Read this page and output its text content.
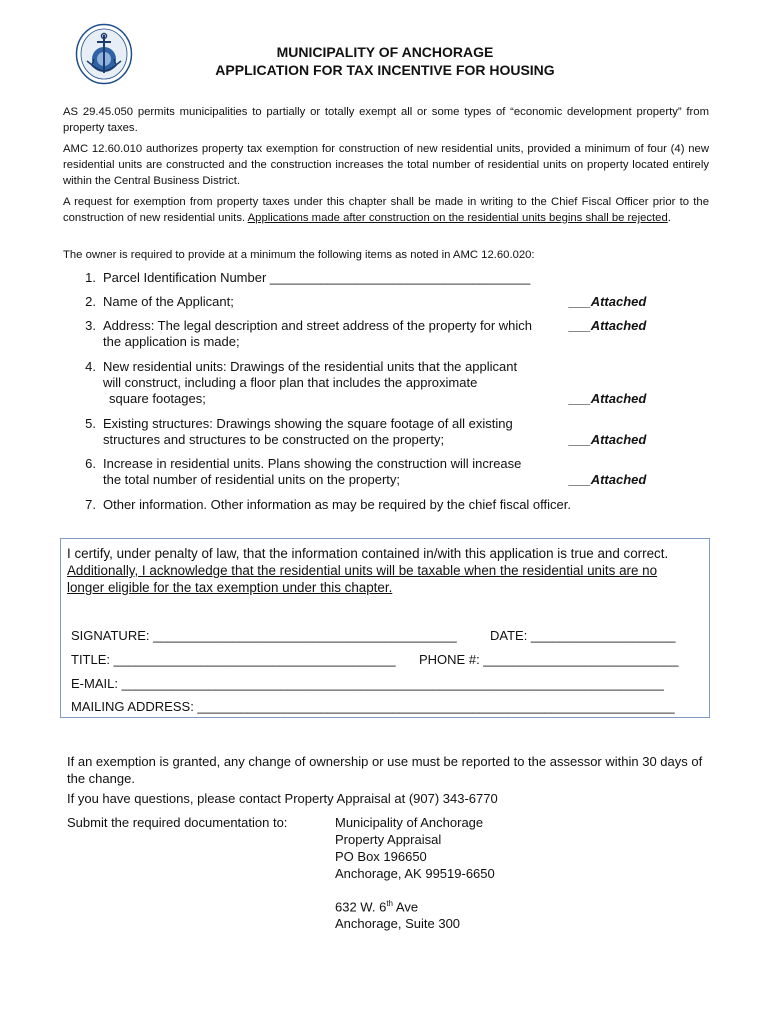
MUNICIPALITY OF ANCHORAGE
APPLICATION FOR TAX INCENTIVE FOR HOUSING
AS 29.45.050 permits municipalities to partially or totally exempt all or some types of “economic development property” from property taxes.
AMC 12.60.010 authorizes property tax exemption for construction of new residential units, provided a minimum of four (4) new residential units are constructed and the construction increases the total number of residential units on property located entirely within the Central Business District.
A request for exemption from property taxes under this chapter shall be made in writing to the Chief Fiscal Officer prior to the construction of new residential units. Applications made after construction on the residential units begins shall be rejected.
The owner is required to provide at a minimum the following items as noted in AMC 12.60.020:
1. Parcel Identification Number ____________________________________
2. Name of the Applicant;	___Attached
3. Address: The legal description and street address of the property for which
the application is made;
___Attached
4. New residential units: Drawings of the residential units that the applicant
will construct, including a floor plan that includes the approximate
square footages;	___Attached
5. Existing structures: Drawings showing the square footage of all existing
structures and structures to be constructed on the property;	___Attached
6. Increase in residential units. Plans showing the construction will increase
the total number of residential units on the property;	___Attached
7. Other information. Other information as may be required by the chief fiscal officer.
I certify, under penalty of law, that the information contained in/with this application is true and correct.
Additionally, I acknowledge that the residential units will be taxable when the residential units are no
longer eligible for the tax exemption under this chapter.
SIGNATURE: __________________________________________	DATE: ____________________
TITLE: _______________________________________ PHONE #: ___________________________
E-MAIL: ___________________________________________________________________________
MAILING ADDRESS: __________________________________________________________________
If an exemption is granted, any change of ownership or use must be reported to the assessor within 30 days of the change.
If you have questions, please contact Property Appraisal at (907) 343-6770
Submit the required documentation to:	Municipality of Anchorage
Property Appraisal
PO Box 196650
Anchorage, AK 99519-6650
632 W. 6th Ave
Anchorage, Suite 300
